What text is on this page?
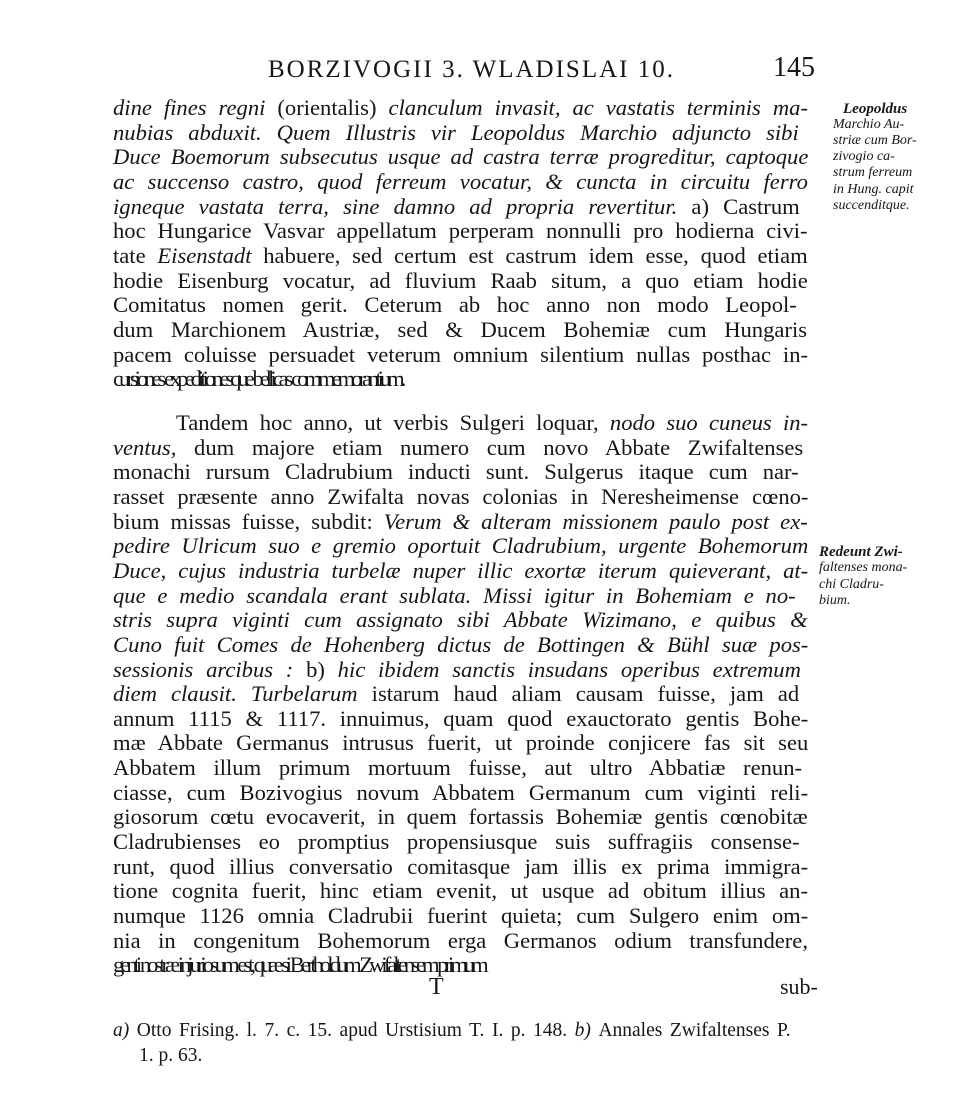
BORZIVOGII 3. WLADISLAI 10.	145
dine fines regni (orientalis) clanculum invasit, ac vastatis terminis ma-
nubias abduxit. Quem Illustris vir Leopoldus Marchio adjuncto sibi
Duce Boemorum subsecutus usque ad castra terræ progreditur, captoque
ac succenso castro, quod ferreum vocatur, & cuncta in circuitu ferro
igneque vastata terra, sine damno ad propria revertitur. a) Castrum
hoc Hungarice Vasvar appellatum perperam nonnulli pro hodierna civi-
tate Eisenstadt habuere, sed certum est castrum idem esse, quod etiam
hodie Eisenburg vocatur, ad fluvium Raab situm, a quo etiam hodie
Comitatus nomen gerit. Ceterum ab hoc anno non modo Leopol-
dum Marchionem Austriæ, sed & Ducem Bohemiæ cum Hungaris
pacem coluisse persuadet veterum omnium silentium nullas posthac in-
cursiones expeditionesque bellicas commemorantium.
Tandem hoc anno, ut verbis Sulgeri loquar, nodo suo cuneus in-
ventus, dum majore etiam numero cum novo Abbate Zwifaltenses
monachi rursum Cladrubium inducti sunt. Sulgerus itaque cum nar-
rasset præsente anno Zwifalta novas colonias in Neresheimense cœno-
bium missas fuisse, subdit: Verum & alteram missionem paulo post ex-
pedire Ulricum suo e gremio oportuit Cladrubium, urgente Bohemorum
Duce, cujus industria turbelæ nuper illic exortæ iterum quieverant, at-
que e medio scandala erant sublata. Missi igitur in Bohemiam e no-
stris supra viginti cum assignato sibi Abbate Wizimano, e quibus &
Cuno fuit Comes de Hohenberg dictus de Bottingen & Bühl suæ pos-
sessionis arcibus : b) hic ibidem sanctis insudans operibus extremum
diem clausit. Turbelarum istarum haud aliam causam fuisse, jam ad
annum 1115 & 1117. innuimus, quam quod exauctorato gentis Bohe-
mæ Abbate Germanus intrusus fuerit, ut proinde conjicere fas sit seu
Abbatem illum primum mortuum fuisse, aut ultro Abbatiæ renun-
ciasse, cum Bozivogius novum Abbatem Germanum cum viginti reli-
giosorum cœtu evocaverit, in quem fortassis Bohemiæ gentis cœnobitæ
Cladrubienses eo promptius propensiusque suis suffragiis consense-
runt, quod illius conversatio comitasque jam illis ex prima immigra-
tione cognita fuerit, hinc etiam evenit, ut usque ad obitum illius an-
numque 1126 omnia Cladrubii fuerint quieta; cum Sulgero enim om-
nia in congenitum Bohemorum erga Germanos odium transfundere,
genti nostræ injuriosum est, quæ si Bertholdum Zwifaltensem primum
Leopoldus
Marchio Au-
striæ cum Bor-
zivogio ca-
strum ferreum
in Hung. capit
succenditque.
Redeunt Zwi-
faltenses mona-
chi Cladru-
bium.
T	sub-
a) Otto Frising. l. 7. c. 15. apud Urstisium T. I. p. 148. b) Annales Zwifaltenses P.
1. p. 63.
